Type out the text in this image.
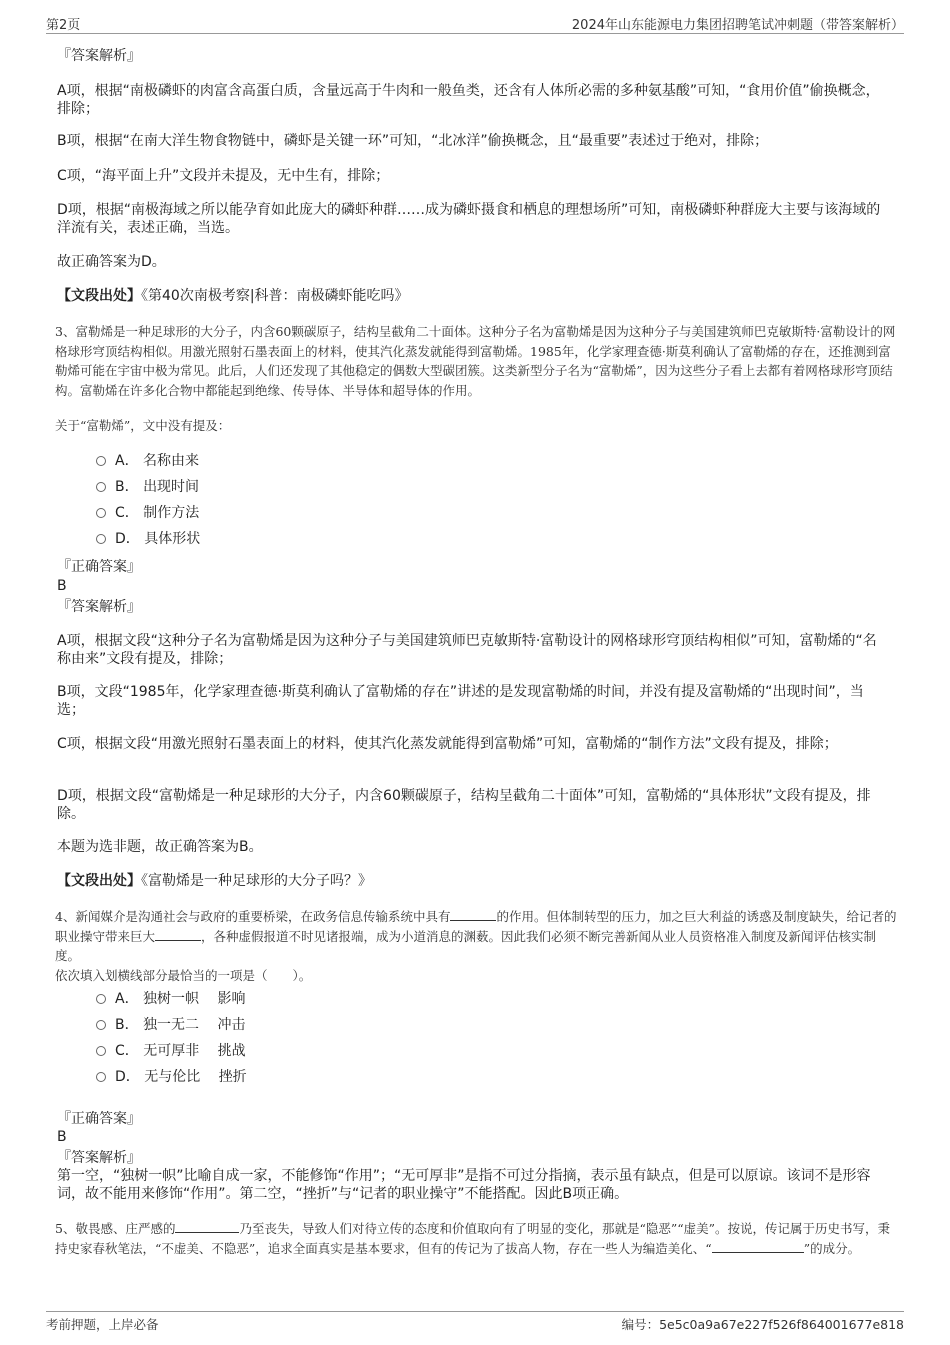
第2页	2024年山东能源电力集团招聘笔试冲刺题（带答案解析）
『答案解析』
A项，根据“南极磷虾的肉富含高蛋白质，含量远高于牛肉和一般鱼类，还含有人体所必需的多种氨基酸”可知，“食用价值”偷换概念，排除；
B项，根据“在南大洋生物食物链中，磷虾是关键一环”可知，“北冰洋”偷换概念，且“最重要”表述过于绝对，排除；
C项，“海平面上升”文段并未提及，无中生有，排除；
D项，根据“南极海域之所以能孕育如此庞大的磷虾种群……成为磷虾摄食和栖息的理想场所”可知，南极磷虾种群庞大主要与该海域的洋流有关，表述正确，当选。
故正确答案为D。
【文段出处】《第40次南极考察|科普：南极磷虾能吃吗》
3、富勒烯是一种足球形的大分子，内含60颗碳原子，结构呈截角二十面体。这种分子名为富勒烯是因为这种分子与美国建筑师巴克敏斯特·富勒设计的网格球形穹顶结构相似。用激光照射石墨表面上的材料，使其汽化蒸发就能得到富勒烯。1985年，化学家理查德·斯莫利确认了富勒烯的存在，还推测到富勒烯可能在宇宙中极为常见。此后，人们还发现了其他稳定的偶数大型碳团簇。这类新型分子名为“富勒烯”，因为这些分子看上去都有着网格球形穹顶结构。富勒烯在许多化合物中都能起到绝缘、传导体、半导体和超导体的作用。
关于“富勒烯”，文中没有提及：
A． 名称由来
B． 出现时间
C． 制作方法
D． 具体形状
『正确答案』
B
『答案解析』
A项，根据文段“这种分子名为富勒烯是因为这种分子与美国建筑师巴克敏斯特·富勒设计的网格球形穹顶结构相似”可知，富勒烯的“名称由来”文段有提及，排除；
B项，文段“1985年，化学家理查德·斯莫利确认了富勒烯的存在”讲述的是发现富勒烯的时间，并没有提及富勒烯的“出现时间”，当选；
C项，根据文段“用激光照射石墨表面上的材料，使其汽化蒸发就能得到富勒烯”可知，富勒烯的“制作方法”文段有提及，排除；
D项，根据文段“富勒烯是一种足球形的大分子，内含60颗碳原子，结构呈截角二十面体”可知，富勒烯的“具体形状”文段有提及，排除。
本题为选非题，故正确答案为B。
【文段出处】《富勒烯是一种足球形的大分子吗？》
4、新闻媒介是沟通社会与政府的重要桥梁，在政务信息传输系统中具有	的作用。但体制转型的压力，加之巨大利益的诱惑及制度缺失，给记者的职业操守带来巨大	，各种虚假报道不时见诸报端，成为小道消息的渊薮。因此我们必须不断完善新闻从业人员资格准入制度及新闻评估核实制度。
依次填入划横线部分最恰当的一项是（　　）。
A． 独树一帜　 影响
B． 独一无二　 冲击
C． 无可厚非　 挑战
D． 无与伦比　 挫折
『正确答案』
B
『答案解析』
第一空，“独树一帜”比喻自成一家，不能修饰“作用”；“无可厚非”是指不可过分指摘，表示虽有缺点，但是可以原谅。该词不是形容词，故不能用来修饰“作用”。第二空，“挫折”与“记者的职业操守”不能搭配。因此B项正确。
5、敬畏感、庄严感的	乃至丧失，导致人们对待立传的态度和价值取向有了明显的变化，那就是“隐恶”“虚美”。按说，传记属于历史书写，秉持史家春秋笔法，“不虚美、不隐恶”，追求全面真实是基本要求，但有的传记为了拔高人物，存在一些人为编造美化、“	”的成分。
考前押题，上岸必备	编号：5e5c0a9a67e227f526f864001677e818
